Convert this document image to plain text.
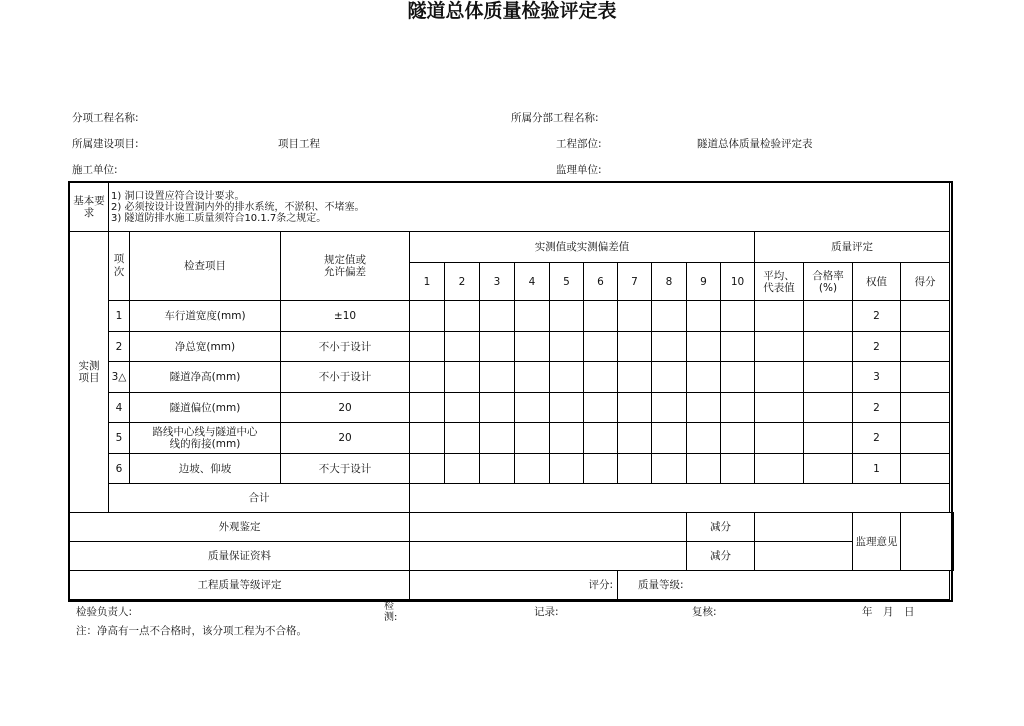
隧道总体质量检验评定表
分项工程名称:	所属分部工程名称:
所属建设项目:	项目工程	工程部位:	隧道总体质量检验评定表
施工单位:	监理单位:
基本要求	1) 洞口设置应符合设计要求。
2) 必须按设计设置洞内外的排水系统，不淤积、不堵塞。
3) 隧道防排水施工质量须符合10.1.7条之规定。																

实测项目	项次	检查项目	规定值或允许偏差	实测值或实测偏差值										质量评定			
				1	2	3	4	5	6	7	8	9	10	平均、代表值	合格率(%)	权值	得分
	1	车行道宽度(mm)	±10													2	
	2	净总宽(mm)	不小于设计													2	
	3△	隧道净高(mm)	不小于设计													3	
	4	隧道偏位(mm)	20													2	
	5	路线中心线与隧道中心线的衔接(mm)	20													2	
	6	边坡、仰坡	不大于设计													1	
	合计																
外观鉴定												减分				监理意见	
质量保证资料												减分					
工程质量等级评定				评分:						质量等级:							
检验负责人:	检测:	记录:	复核:	年　月　日
注：净高有一点不合格时，该分项工程为不合格。
